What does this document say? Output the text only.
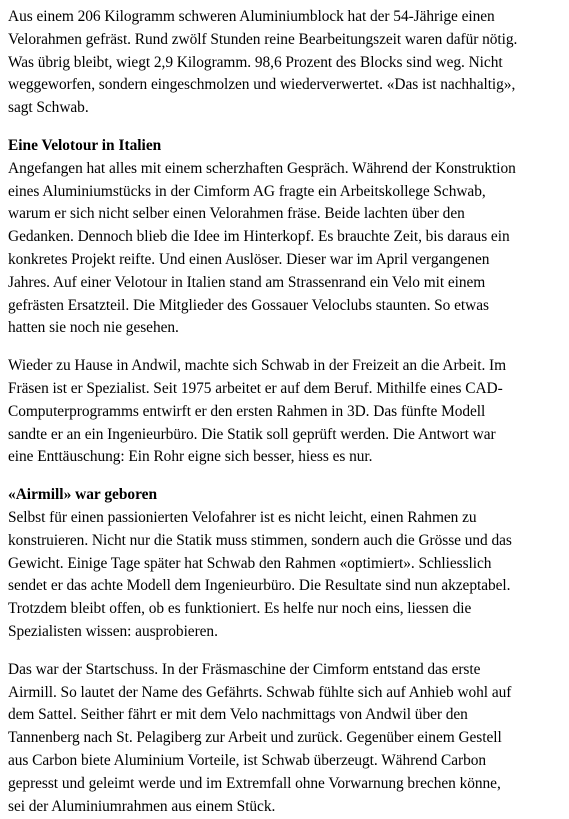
Aus einem 206 Kilogramm schweren Aluminiumblock hat der 54-Jährige einen
Velorahmen gefräst. Rund zwölf Stunden reine Bearbeitungszeit waren dafür nötig.
Was übrig bleibt, wiegt 2,9 Kilogramm. 98,6 Prozent des Blocks sind weg. Nicht
weggeworfen, sondern eingeschmolzen und wiederverwertet. «Das ist nachhaltig»,
sagt Schwab.

Eine Velotour in Italien

Angefangen hat alles mit einem scherzhaften Gespräch. Während der Konstruktion
eines Aluminiumstücks in der Cimform AG fragte ein Arbeitskollege Schwab,
warum er sich nicht selber einen Velorahmen fräse. Beide lachten über den
Gedanken. Dennoch blieb die Idee im Hinterkopf. Es brauchte Zeit, bis daraus ein
konkretes Projekt reifte. Und einen Auslöser. Dieser war im April vergangenen
Jahres. Auf einer Velotour in Italien stand am Strassenrand ein Velo mit einem
gefrästen Ersatzteil. Die Mitglieder des Gossauer Veloclubs staunten. So etwas
hatten sie noch nie gesehen.

Wieder zu Hause in Andwil, machte sich Schwab in der Freizeit an die Arbeit. Im
Fräsen ist er Spezialist. Seit 1975 arbeitet er auf dem Beruf. Mithilfe eines CAD-
Computerprogramms entwirft er den ersten Rahmen in 3D. Das fünfte Modell
sandte er an ein Ingenieurbüro. Die Statik soll geprüft werden. Die Antwort war
eine Enttäuschung: Ein Rohr eigne sich besser, hiess es nur.

«Airmill» war geboren

Selbst für einen passionierten Velofahrer ist es nicht leicht, einen Rahmen zu
konstruieren. Nicht nur die Statik muss stimmen, sondern auch die Grösse und das
Gewicht. Einige Tage später hat Schwab den Rahmen «optimiert». Schliesslich
sendet er das achte Modell dem Ingenieurbüro. Die Resultate sind nun akzeptabel.
Trotzdem bleibt offen, ob es funktioniert. Es helfe nur noch eins, liessen die
Spezialisten wissen: ausprobieren.

Das war der Startschuss. In der Fräsmaschine der Cimform entstand das erste
Airmill. So lautet der Name des Gefährts. Schwab fühlte sich auf Anhieb wohl auf
dem Sattel. Seither fährt er mit dem Velo nachmittags von Andwil über den
Tannenberg nach St. Pelagiberg zur Arbeit und zurück. Gegenüber einem Gestell
aus Carbon biete Aluminium Vorteile, ist Schwab überzeugt. Während Carbon
gepresst und geleimt werde und im Extremfall ohne Vorwarnung brechen könne,
sei der Aluminiumrahmen aus einem Stück.
